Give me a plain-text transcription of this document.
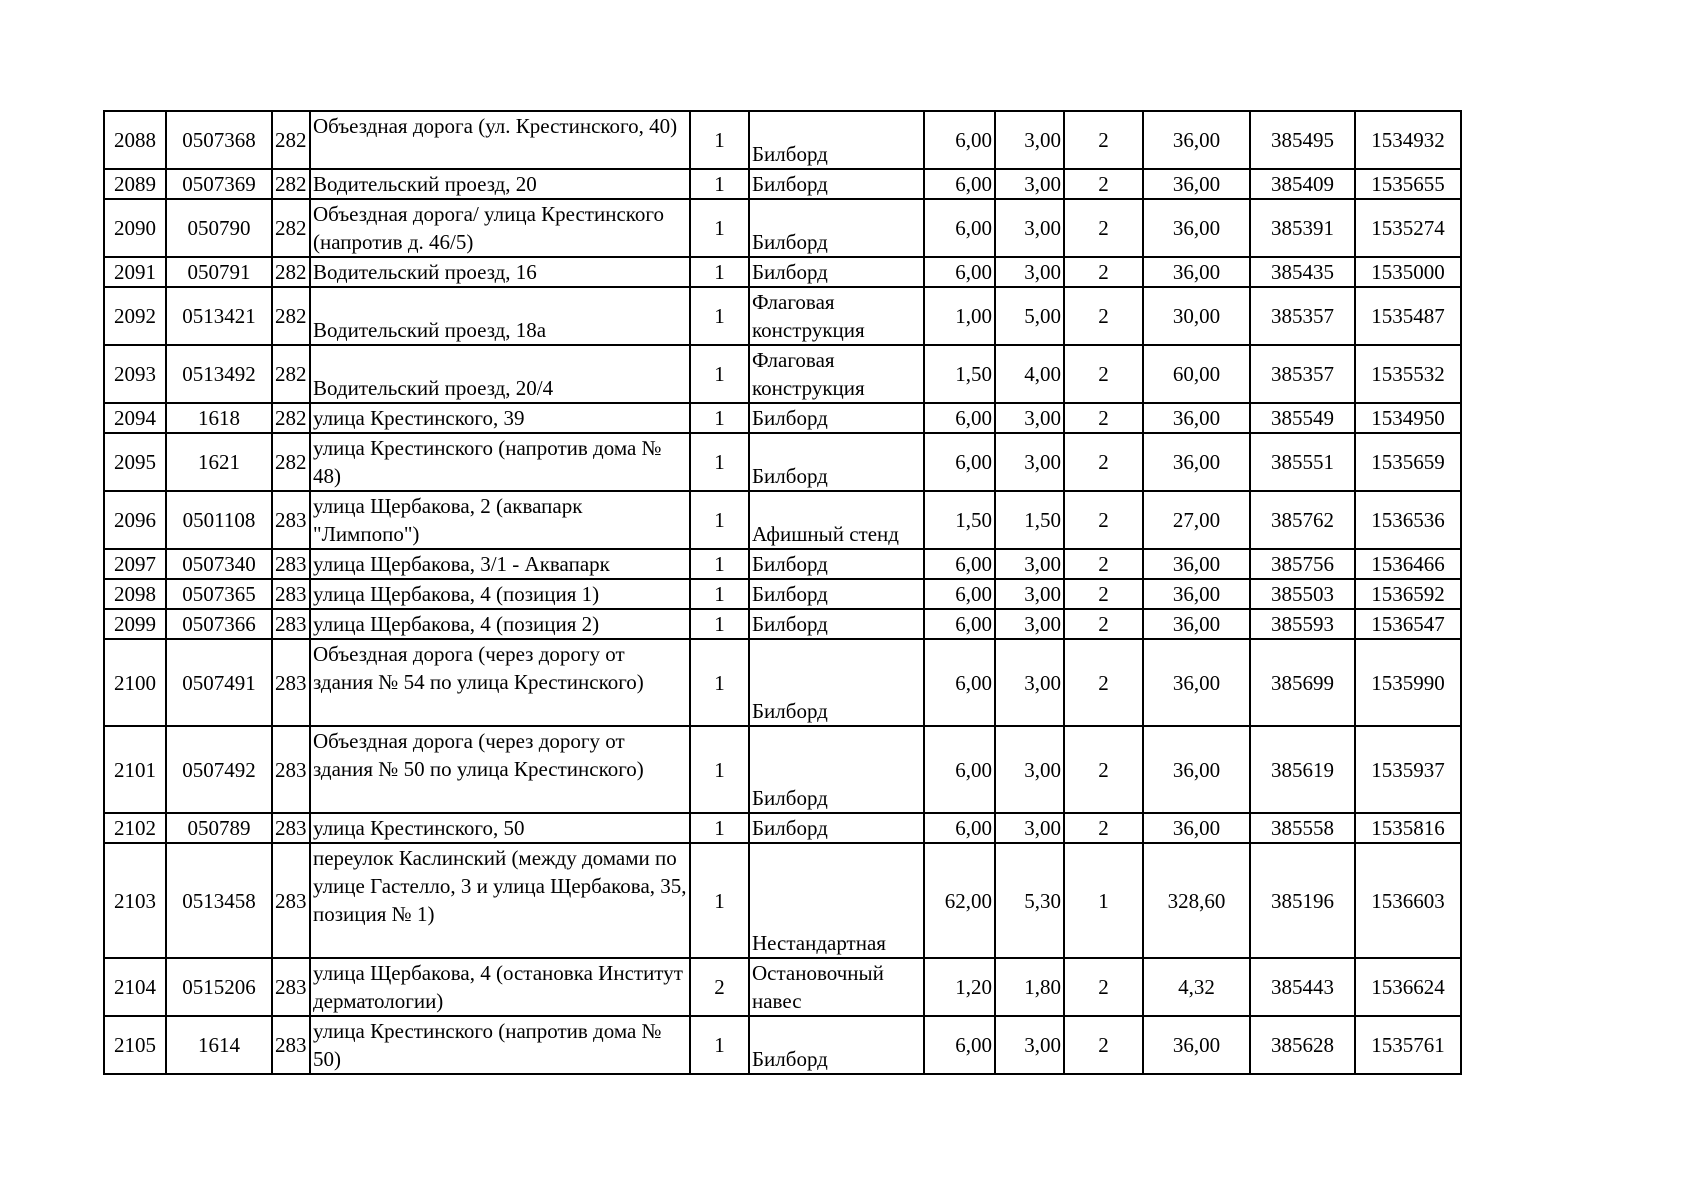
2088	0507368	282	Объездная дорога (ул. Крестинского, 40)	1	Билборд	6,00	3,00	2	36,00	385495	1534932
2089	0507369	282	Водительский проезд, 20	1	Билборд	6,00	3,00	2	36,00	385409	1535655
2090	050790	282	Объездная дорога/ улица Крестинского (напротив д. 46/5)	1	Билборд	6,00	3,00	2	36,00	385391	1535274
2091	050791	282	Водительский проезд, 16	1	Билборд	6,00	3,00	2	36,00	385435	1535000
2092	0513421	282	Водительский проезд, 18а	1	Флаговая конструкция	1,00	5,00	2	30,00	385357	1535487
2093	0513492	282	Водительский проезд, 20/4	1	Флаговая конструкция	1,50	4,00	2	60,00	385357	1535532
2094	1618	282	улица Крестинского, 39	1	Билборд	6,00	3,00	2	36,00	385549	1534950
2095	1621	282	улица Крестинского (напротив дома № 48)	1	Билборд	6,00	3,00	2	36,00	385551	1535659
2096	0501108	283	улица Щербакова, 2 (аквапарк "Лимпопо")	1	Афишный стенд	1,50	1,50	2	27,00	385762	1536536
2097	0507340	283	улица Щербакова, 3/1 - Аквапарк	1	Билборд	6,00	3,00	2	36,00	385756	1536466
2098	0507365	283	улица Щербакова, 4 (позиция 1)	1	Билборд	6,00	3,00	2	36,00	385503	1536592
2099	0507366	283	улица Щербакова, 4 (позиция 2)	1	Билборд	6,00	3,00	2	36,00	385593	1536547
2100	0507491	283	Объездная дорога (через дорогу от здания № 54 по улица Крестинского)	1	Билборд	6,00	3,00	2	36,00	385699	1535990
2101	0507492	283	Объездная дорога (через дорогу от здания № 50 по улица Крестинского)	1	Билборд	6,00	3,00	2	36,00	385619	1535937
2102	050789	283	улица Крестинского, 50	1	Билборд	6,00	3,00	2	36,00	385558	1535816
2103	0513458	283	переулок Каслинский (между домами по улице Гастелло, 3 и улица Щербакова, 35, позиция № 1)	1	Нестандартная	62,00	5,30	1	328,60	385196	1536603
2104	0515206	283	улица Щербакова, 4 (остановка Институт дерматологии)	2	Остановочный навес	1,20	1,80	2	4,32	385443	1536624
2105	1614	283	улица Крестинского (напротив дома № 50)	1	Билборд	6,00	3,00	2	36,00	385628	1535761
